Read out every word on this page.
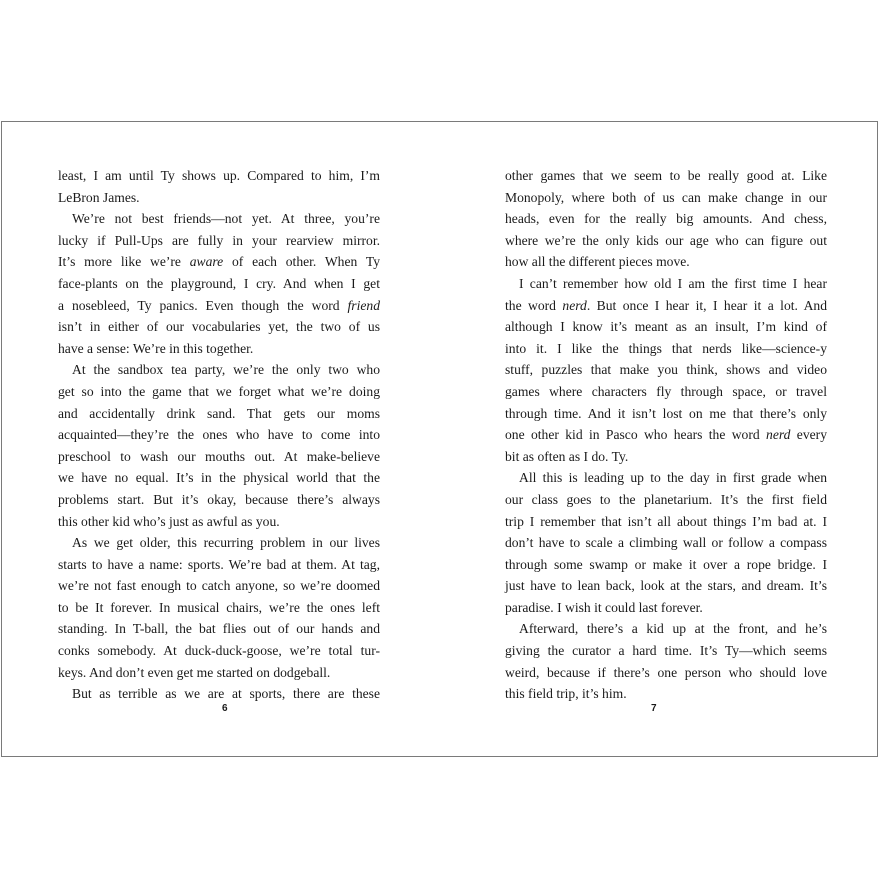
least, I am until Ty shows up. Compared to him, I’m
LeBron James.
We’re not best friends—not yet. At three, you’re
lucky if Pull-Ups are fully in your rearview mirror.
It’s more like we’re aware of each other. When Ty
face-plants on the playground, I cry. And when I get
a nosebleed, Ty panics. Even though the word friend
isn’t in either of our vocabularies yet, the two of us
have a sense: We’re in this together.
At the sandbox tea party, we’re the only two who
get so into the game that we forget what we’re doing
and accidentally drink sand. That gets our moms
acquainted—they’re the ones who have to come into
preschool to wash our mouths out. At make-believe
we have no equal. It’s in the physical world that the
problems start. But it’s okay, because there’s always
this other kid who’s just as awful as you.
As we get older, this recurring problem in our lives
starts to have a name: sports. We’re bad at them. At tag,
we’re not fast enough to catch anyone, so we’re doomed
to be It forever. In musical chairs, we’re the ones left
standing. In T-ball, the bat flies out of our hands and
conks somebody. At duck-duck-goose, we’re total tur-
keys. And don’t even get me started on dodgeball.
But as terrible as we are at sports, there are these
6
other games that we seem to be really good at. Like
Monopoly, where both of us can make change in our
heads, even for the really big amounts. And chess,
where we’re the only kids our age who can figure out
how all the different pieces move.
I can’t remember how old I am the first time I hear
the word nerd. But once I hear it, I hear it a lot. And
although I know it’s meant as an insult, I’m kind of
into it. I like the things that nerds like—science-y
stuff, puzzles that make you think, shows and video
games where characters fly through space, or travel
through time. And it isn’t lost on me that there’s only
one other kid in Pasco who hears the word nerd every
bit as often as I do. Ty.
All this is leading up to the day in first grade when
our class goes to the planetarium. It’s the first field
trip I remember that isn’t all about things I’m bad at. I
don’t have to scale a climbing wall or follow a compass
through some swamp or make it over a rope bridge. I
just have to lean back, look at the stars, and dream. It’s
paradise. I wish it could last forever.
Afterward, there’s a kid up at the front, and he’s
giving the curator a hard time. It’s Ty—which seems
weird, because if there’s one person who should love
this field trip, it’s him.
7
